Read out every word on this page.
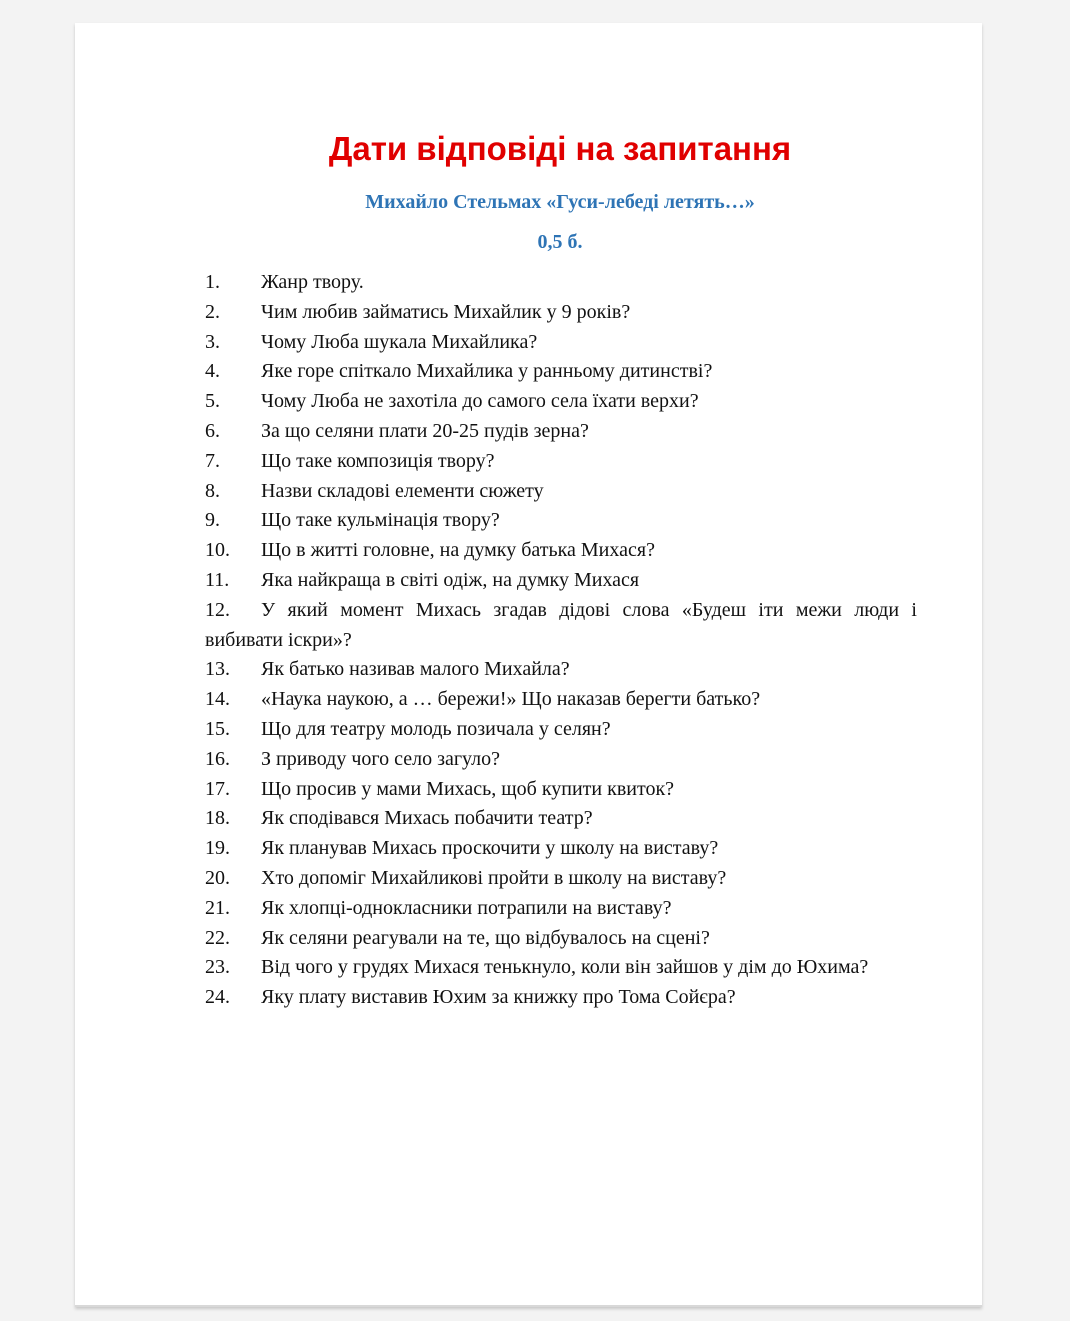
Дати відповіді на запитання

Михайло Стельмах «Гуси-лебеді летять…»

0,5 б.

1. Жанр твору.
2. Чим любив займатись Михайлик у 9 років?
3. Чому Люба шукала Михайлика?
4. Яке горе спіткало Михайлика у ранньому дитинстві?
5. Чому Люба не захотіла до самого села їхати верхи?
6. За що селяни плати 20-25 пудів зерна?
7. Що таке композиція твору?
8. Назви складові елементи сюжету
9. Що таке кульмінація твору?
10. Що в житті головне, на думку батька Михася?
11. Яка найкраща в світі одіж, на думку Михася
12. У який момент Михась згадав дідові слова «Будеш іти межи люди і вибивати іскри»?
13. Як батько називав малого Михайла?
14. «Наука наукою, а … бережи!» Що наказав берегти батько?
15. Що для театру молодь позичала у селян?
16. З приводу чого село загуло?
17. Що просив у мами Михась, щоб купити квиток?
18. Як сподівався Михась побачити театр?
19. Як планував Михась проскочити у школу на виставу?
20. Хто допоміг Михайликові пройти в школу на виставу?
21. Як хлопці-однокласники потрапили на виставу?
22. Як селяни реагували на те, що відбувалось на сцені?
23. Від чого у грудях Михася тенькнуло, коли він зайшов у дім до Юхима?
24. Яку плату виставив Юхим за книжку про Тома Сойєра?
